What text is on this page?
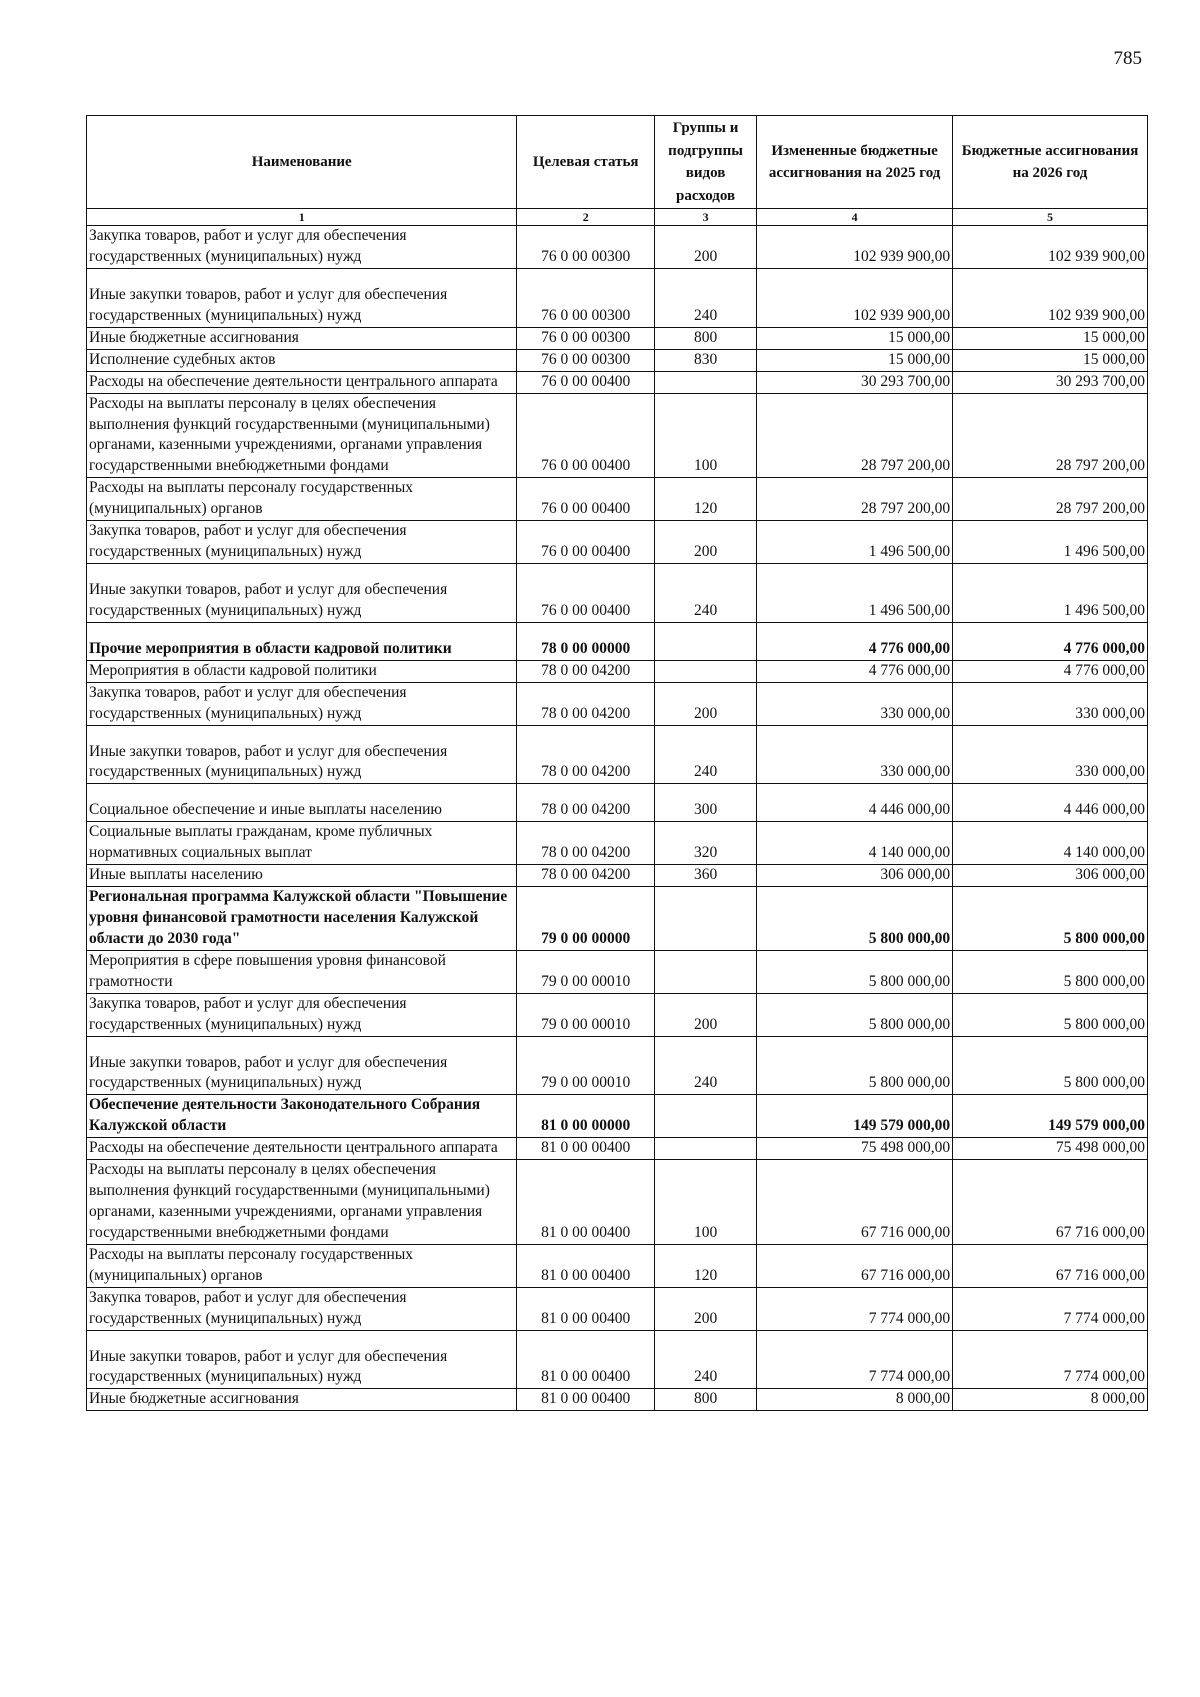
785
Наименование	Целевая статья	Группы и подгруппы видов расходов	Измененные бюджетные ассигнования на 2025 год	Бюджетные ассигнования на 2026 год
1	2	3	4	5
Закупка товаров, работ и услуг для обеспечения государственных (муниципальных) нужд	76 0 00 00300	200	102 939 900,00	102 939 900,00
Иные закупки товаров, работ и услуг для обеспечения государственных (муниципальных) нужд	76 0 00 00300	240	102 939 900,00	102 939 900,00
Иные бюджетные ассигнования	76 0 00 00300	800	15 000,00	15 000,00
Исполнение судебных актов	76 0 00 00300	830	15 000,00	15 000,00
Расходы на обеспечение деятельности центрального аппарата	76 0 00 00400		30 293 700,00	30 293 700,00
Расходы на выплаты персоналу в целях обеспечения выполнения функций государственными (муниципальными) органами, казенными учреждениями, органами управления государственными внебюджетными фондами	76 0 00 00400	100	28 797 200,00	28 797 200,00
Расходы на выплаты персоналу государственных (муниципальных) органов	76 0 00 00400	120	28 797 200,00	28 797 200,00
Закупка товаров, работ и услуг для обеспечения государственных (муниципальных) нужд	76 0 00 00400	200	1 496 500,00	1 496 500,00
Иные закупки товаров, работ и услуг для обеспечения государственных (муниципальных) нужд	76 0 00 00400	240	1 496 500,00	1 496 500,00
Прочие мероприятия в области кадровой политики	78 0 00 00000		4 776 000,00	4 776 000,00
Мероприятия в области кадровой политики	78 0 00 04200		4 776 000,00	4 776 000,00
Закупка товаров, работ и услуг для обеспечения государственных (муниципальных) нужд	78 0 00 04200	200	330 000,00	330 000,00
Иные закупки товаров, работ и услуг для обеспечения государственных (муниципальных) нужд	78 0 00 04200	240	330 000,00	330 000,00
Социальное обеспечение и иные выплаты населению	78 0 00 04200	300	4 446 000,00	4 446 000,00
Социальные выплаты гражданам, кроме публичных нормативных социальных выплат	78 0 00 04200	320	4 140 000,00	4 140 000,00
Иные выплаты населению	78 0 00 04200	360	306 000,00	306 000,00
Региональная программа Калужской области "Повышение уровня финансовой грамотности населения Калужской области до 2030 года"	79 0 00 00000		5 800 000,00	5 800 000,00
Мероприятия в сфере повышения уровня финансовой грамотности	79 0 00 00010		5 800 000,00	5 800 000,00
Закупка товаров, работ и услуг для обеспечения государственных (муниципальных) нужд	79 0 00 00010	200	5 800 000,00	5 800 000,00
Иные закупки товаров, работ и услуг для обеспечения государственных (муниципальных) нужд	79 0 00 00010	240	5 800 000,00	5 800 000,00
Обеспечение деятельности Законодательного Собрания Калужской области	81 0 00 00000		149 579 000,00	149 579 000,00
Расходы на обеспечение деятельности центрального аппарата	81 0 00 00400		75 498 000,00	75 498 000,00
Расходы на выплаты персоналу в целях обеспечения выполнения функций государственными (муниципальными) органами, казенными учреждениями, органами управления государственными внебюджетными фондами	81 0 00 00400	100	67 716 000,00	67 716 000,00
Расходы на выплаты персоналу государственных (муниципальных) органов	81 0 00 00400	120	67 716 000,00	67 716 000,00
Закупка товаров, работ и услуг для обеспечения государственных (муниципальных) нужд	81 0 00 00400	200	7 774 000,00	7 774 000,00
Иные закупки товаров, работ и услуг для обеспечения государственных (муниципальных) нужд	81 0 00 00400	240	7 774 000,00	7 774 000,00
Иные бюджетные ассигнования	81 0 00 00400	800	8 000,00	8 000,00
